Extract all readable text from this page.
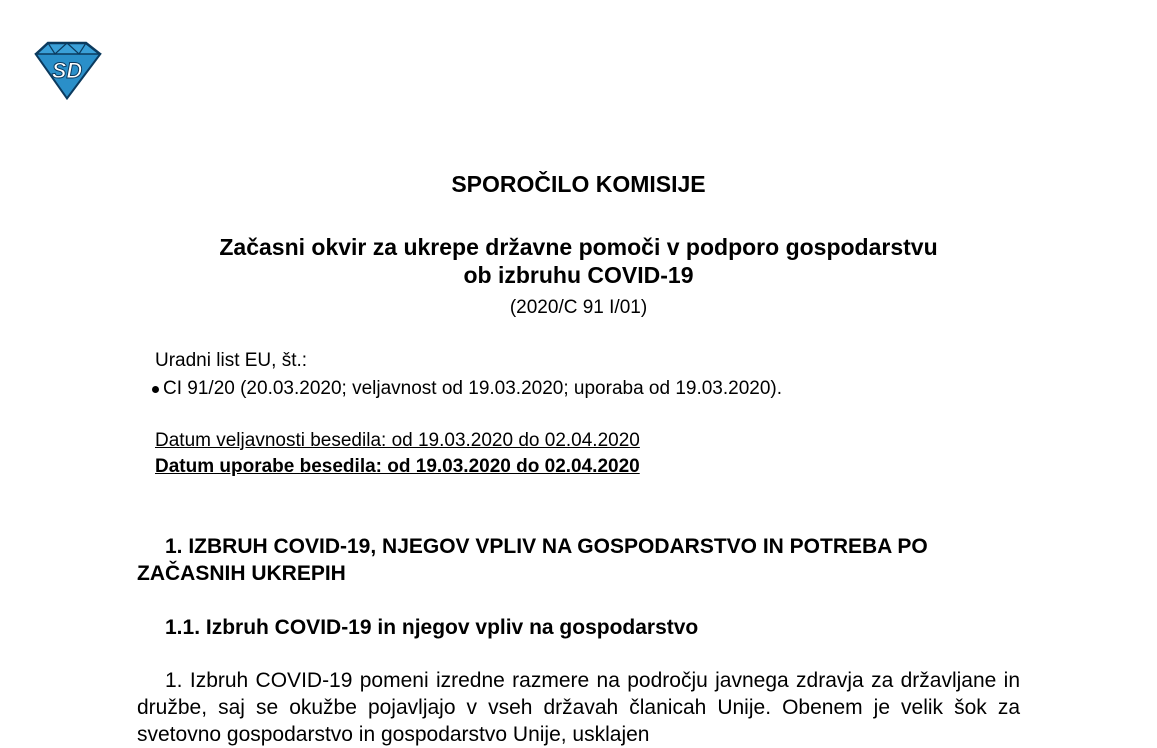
SD
SPOROČILO KOMISIJE
Začasni okvir za ukrepe državne pomoči v podporo gospodarstvu
ob izbruhu COVID-19
(2020/C 91 I/01)
Uradni list EU, št.:
CI 91/20 (20.03.2020; veljavnost od 19.03.2020; uporaba od 19.03.2020).
Datum veljavnosti besedila: od 19.03.2020 do 02.04.2020
Datum uporabe besedila: od 19.03.2020 do 02.04.2020
1. IZBRUH COVID-19, NJEGOV VPLIV NA GOSPODARSTVO IN POTREBA PO ZAČASNIH UKREPIH
1.1. Izbruh COVID-19 in njegov vpliv na gospodarstvo
1. Izbruh COVID-19 pomeni izredne razmere na področju javnega zdravja za državljane in družbe, saj se okužbe pojavljajo v vseh državah članicah Unije. Obenem je velik šok za svetovno gospodarstvo in gospodarstvo Unije, usklajen
